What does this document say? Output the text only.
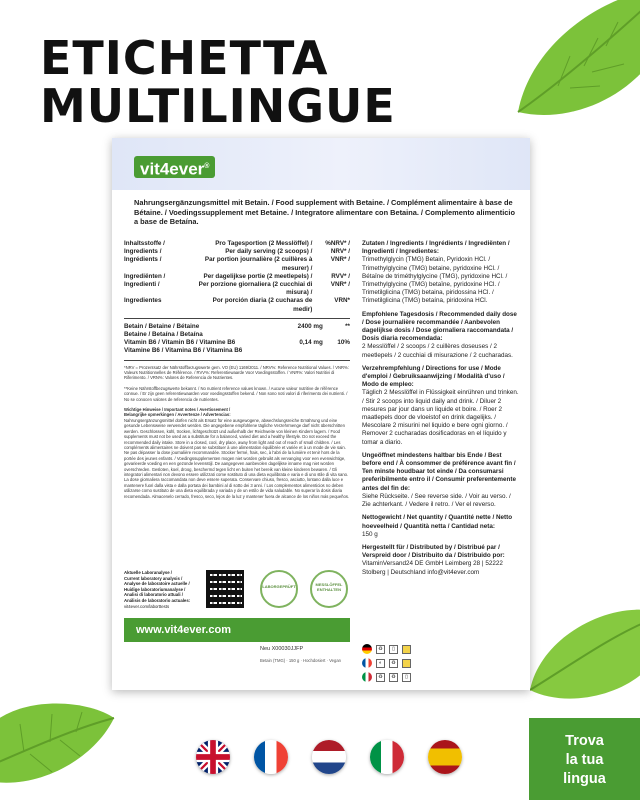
ETICHETTA
MULTILINGUE
vit4ever®
Nahrungsergänzungsmittel mit Betain. / Food supplement with Betaine. / Complément alimentaire à base de Bétaine. / Voedingssupplement met Betaine. / Integratore alimentare con Betaina. / Complemento alimenticio a base de Betaína.
Inhaltsstoffe /	Pro Tagesportion (2 Messlöffel) /	%NRV* /
Ingredients /	Per daily serving (2 scoops) /	NRV* /
Ingrédients /	Par portion journalière (2 cuillères à mesurer) /	VNR* /
Ingrediënten /	Per dagelijkse portie (2 meetlepels) /	RVV* /
Ingredienti /	Per porzione giornaliera (2 cucchiai di misura) /	VNR* /
Ingredientes	Por porción diaria (2 cucharas de medir)	VRN*
Betain / Betaine / Bétaine	2400 mg	**
Betaine / Betaína / Betaína		
Vitamin B6 / Vitamin B6 / Vitamine B6	0,14 mg	10%
Vitamine B6 / Vitamina B6 / Vitamina B6		
*NRV = Prozentsatz der Nährstoffbezugswerte gem. VO (EU) 1169/2011. / NRV%: Reference Nutritional Values. / VNR%: Valeurs Nutritionnelles de Référence. / RVV%: Referentiewaarde Voor Voedingsstoffen. / VNR%: Valori Nutritivi di Riferimento. / VRN%: Valores de Referencia de Nutrientes.
**Keine Nährstoffbezugswerte bekannt. / No nutrient reference values known. / Aucune valeur nutritive de référence connue. / Er zijn geen referentiewaarden voor voedingsstoffen bekend. / Non sono noti valori di riferimento dei nutrienti. / No se conocen valores de referencia de nutrientes.
Wichtige Hinweise / Important notes / Avertissement /
Belangrijke opmerkingen / Avvertenze / Advertencias:
Nahrungsergänzungsmittel dürfen nicht als Ersatz für eine ausgewogene, abwechslungsreiche Ernährung und eine gesunde Lebensweise verwendet werden. Die angegebene empfohlene tägliche Verzehrmenge darf nicht überschritten werden. Geschlossen, kühl, trocken, lichtgeschützt und außerhalb der Reichweite von kleinen Kindern lagern. / Food supplements must not be used as a substitute for a balanced, varied diet and a healthy lifestyle. Do not exceed the recommended daily intake. Store in a closed, cool, dry place, away from light and out of reach of small children. / Les compléments alimentaires ne doivent pas se substituer à une alimentation équilibrée et variée et à un mode de vie sain. Ne pas dépasser la dose journalière recommandée. Stocker fermé, frais, sec, à l'abri de la lumière et tenir hors de la portée des jeunes enfants. / Voedingssupplementen mogen niet worden gebruikt als vervanging voor een evenwichtige, gevarieerde voeding en een gezonde levensstijl. De aangegeven aanbevolen dagelijkse inname mag niet worden overschreden. Gesloten, koel, droog, beschermd tegen licht en buiten het bereik van kleine kinderen bewaren. / Gli integratori alimentari non devono essere utilizzati come sostituto di una dieta equilibrata e varia e di uno stile di vita sano. La dose giornaliera raccomandata non deve essere superata. Conservare chiuso, fresco, asciutto, lontano dalla luce e mantenere fuori dalla vista e dalla portata dei bambini al di sotto dei 3 anni. / Los complementos alimenticios no deben utilizarse como sustituto de una dieta equilibrada y variada y de un estilo de vida saludable. No superar la dosis diaria recomendada. Almacenelo cerrado, fresco, seco, lejos de la luz y mantener fuera de alcance de los niños más pequeños.
Aktuelle Laboranalyse /
Current laboratory analysis /
Analyse de laboratoire actuelle /
Huidige laboratoriumanalyse /
Analisi di laboratorio attuali /
Análisis de laboratorio actuales:
vit4ever.com/laborttests
LABORGEPRÜFT	MESSLÖFFEL ENTHALTEN
www.vit4ever.com
Neu X00030JJFP
Betain (TMG) · 150 g · Hochdosiert · Vegan
Zutaten / Ingredients / Ingrédients / Ingrediënten / Ingredienti / Ingredientes:
Trimethylglycin (TMG) Betain, Pyridoxin HCl. / Trimethylglycine (TMG) betaine, pyridoxine HCl. / Bétaïne de triméthylglycine (TMG), pyridoxine HCl. / Trimethylglycine (TMG) betaïne, pyridoxine HCl. / Trimetilglicina (TMG) betaina, piridossina HCl. / Trimetilglicina (TMG) betaína, piridoxina HCl.
Empfohlene Tagesdosis / Recommended daily dose / Dose journalière recommandée / Aanbevolen dagelijkse dosis / Dose giornaliera raccomandata / Dosis diaria recomendada:
2 Messlöffel / 2 scoops / 2 cuillères doseuses / 2 meetlepels / 2 cucchiai di misurazione / 2 cucharadas.
Verzehrempfehlung / Directions for use / Mode d'emploi / Gebruiksaanwijzing / Modalità d'uso / Modo de empleo:
Täglich 2 Messlöffel in Flüssigkeit einrühren und trinken. / Stir 2 scoops into liquid daily and drink. / Diluer 2 mesures par jour dans un liquide et boire. / Roer 2 maatlepels door de vloeistof en drink dagelijks. / Mescolare 2 misurini nel liquido e bere ogni giorno. / Remover 2 cucharadas dosificadoras en el líquido y tomar a diario.
Ungeöffnet mindestens haltbar bis Ende / Best before end / À consommer de préférence avant fin / Ten minste houdbaar tot einde / Da consumarsi preferibilmente entro il / Consumir preferentemente antes del fin de:
Siehe Rückseite. / See reverse side. / Voir au verso. / Zie achterkant. / Vedere il retro. / Ver el reverso.
Nettogewicht / Net quantity / Quantité nette / Netto hoeveelheid / Quantità netta / Cantidad neta:
150 g
Hergestellt für / Distributed by / Distribué par / Verspreid door / Distribuito da / Distribuido por:
VitaminVersand24 DE GmbH Leimberg 28 | 52222 Stolberg | Deutschland info@vit4ever.com
♻	▯
◐	♻
♻	♻	▯
Trova
la tua
lingua
